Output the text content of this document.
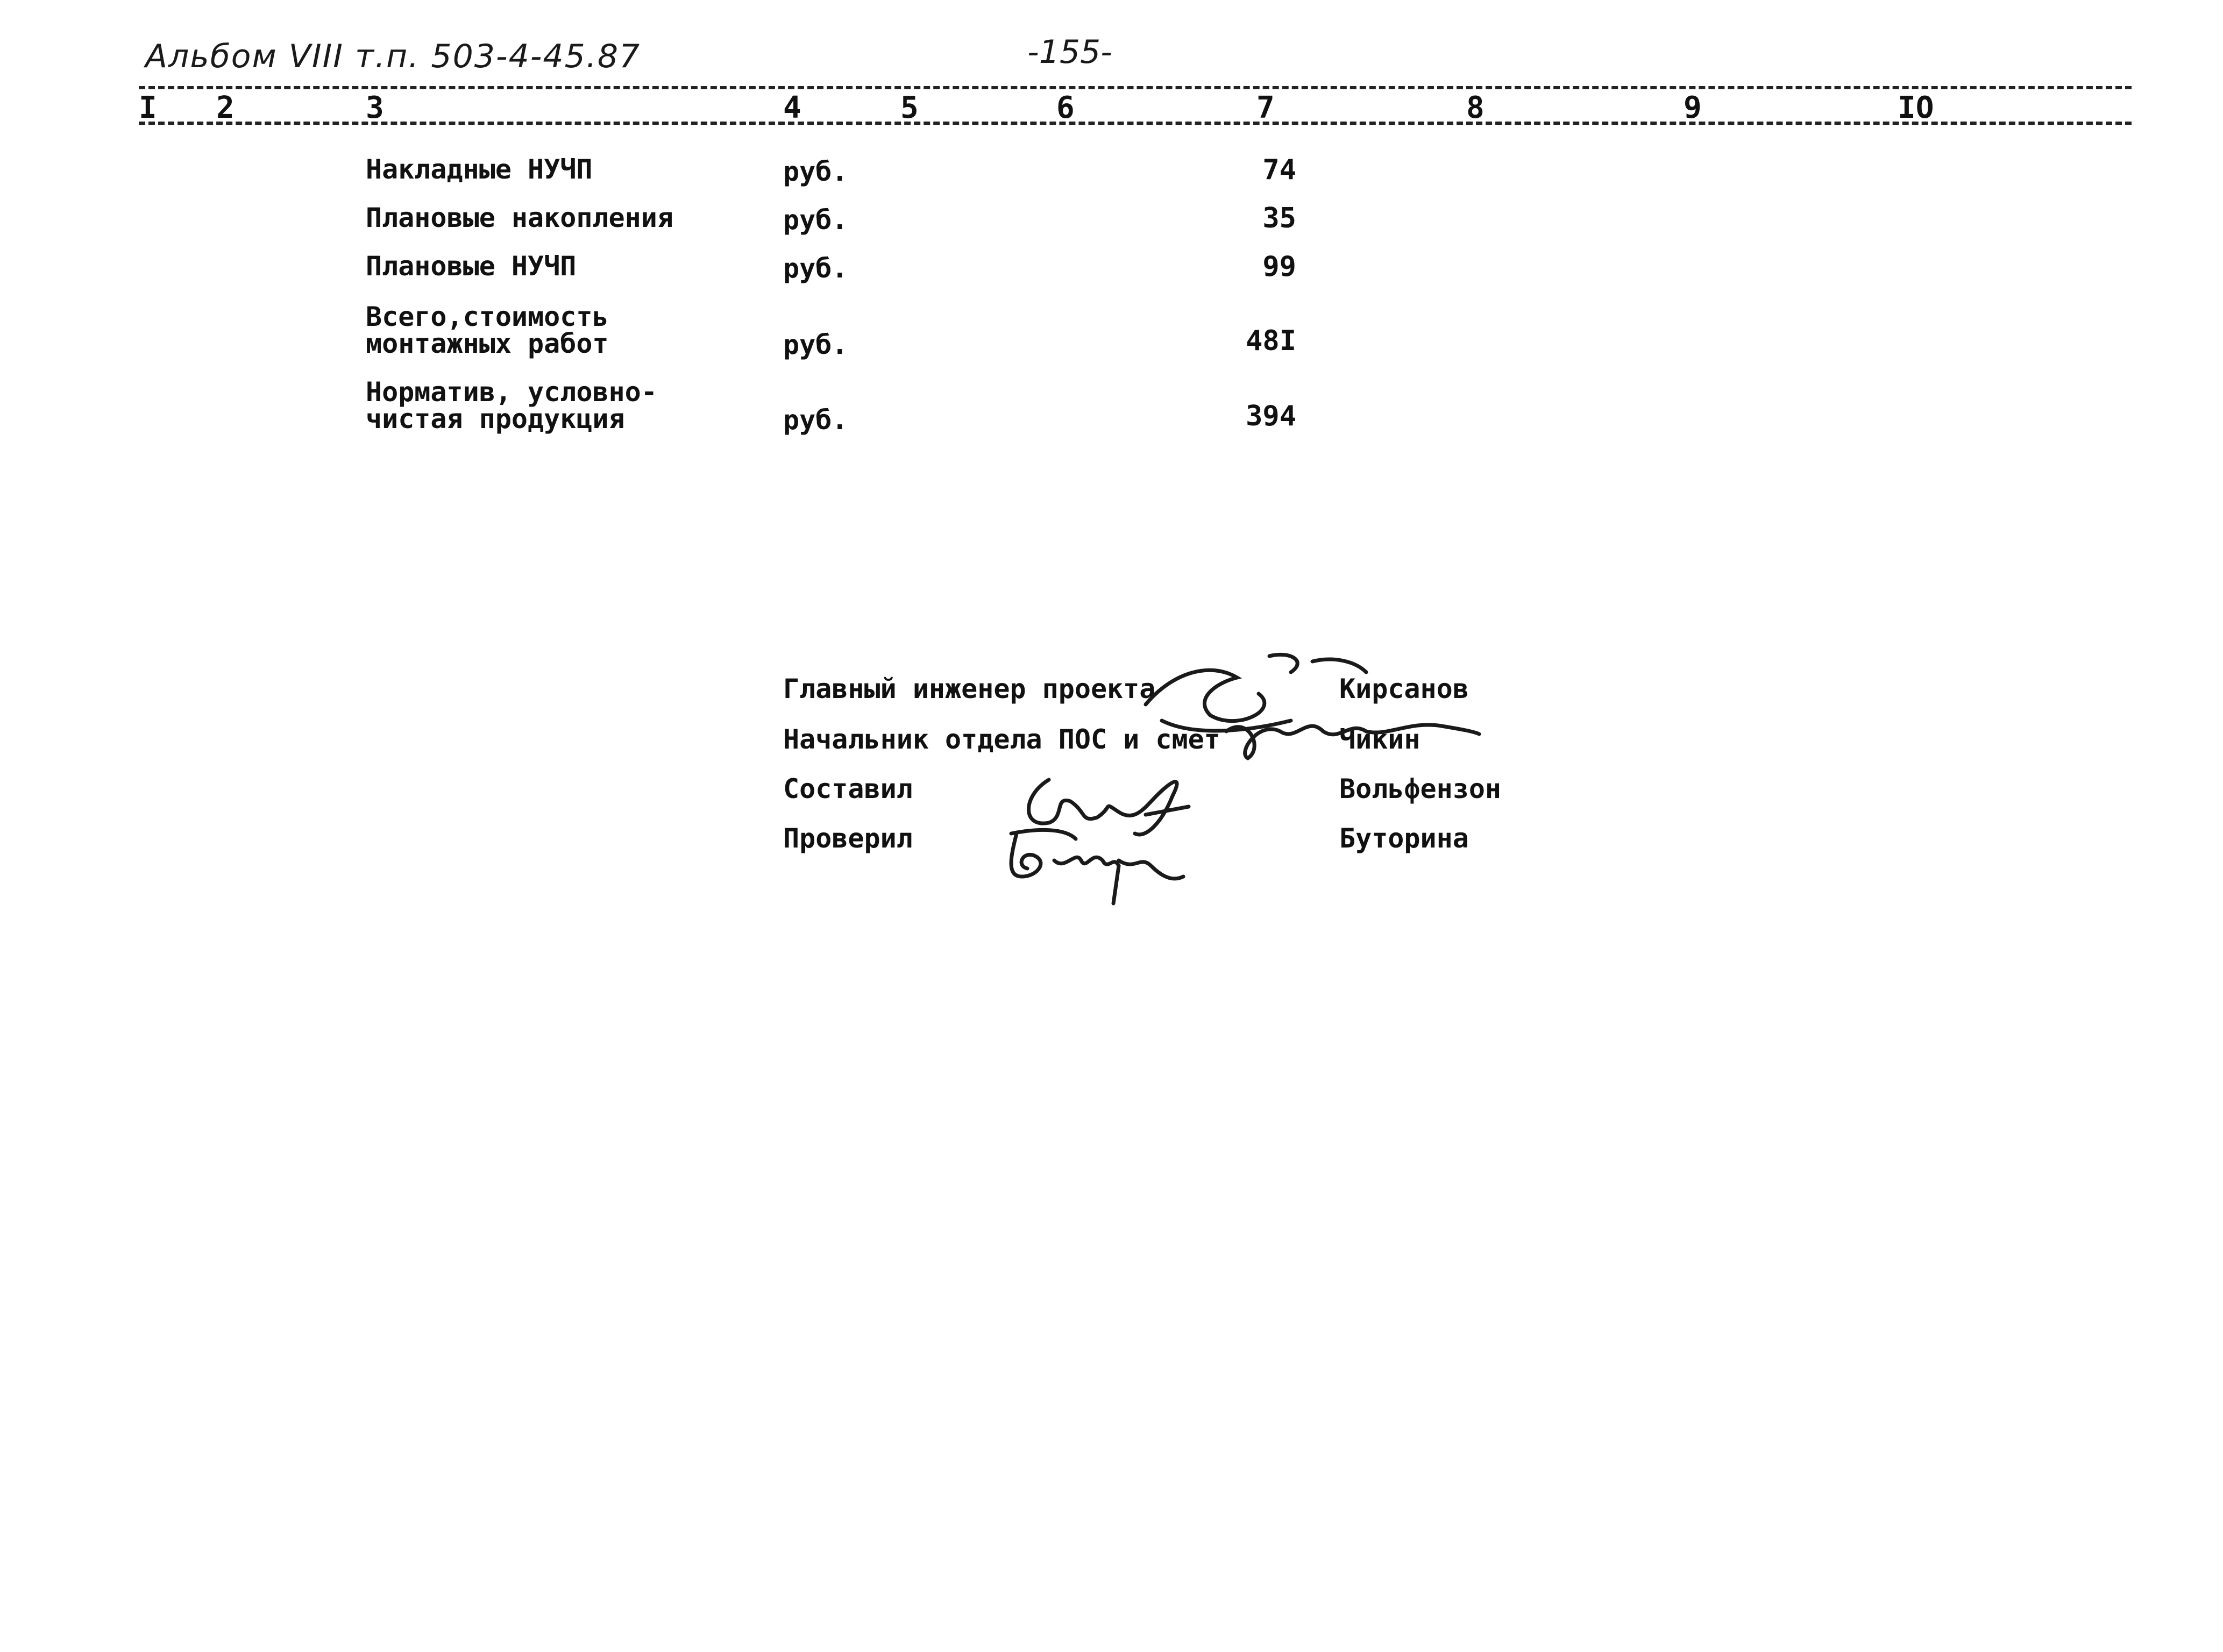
Альбом VIII т.п. 503-4-45.87	-155-
I 2	3	4	5	6	7	8	9	IO
Накладные НУЧП	руб.	74
Плановые накопления	руб.	35
Плановые НУЧП	руб.	99
Всего,стоимость
монтажных работ	руб.	48I
Норматив, условно-
чистая продукция	руб.	394
Главный инженер проекта	Кирсанов
Начальник отдела ПОС и смет	Чикин
Составил	Вольфензон
Проверил	Буторина
